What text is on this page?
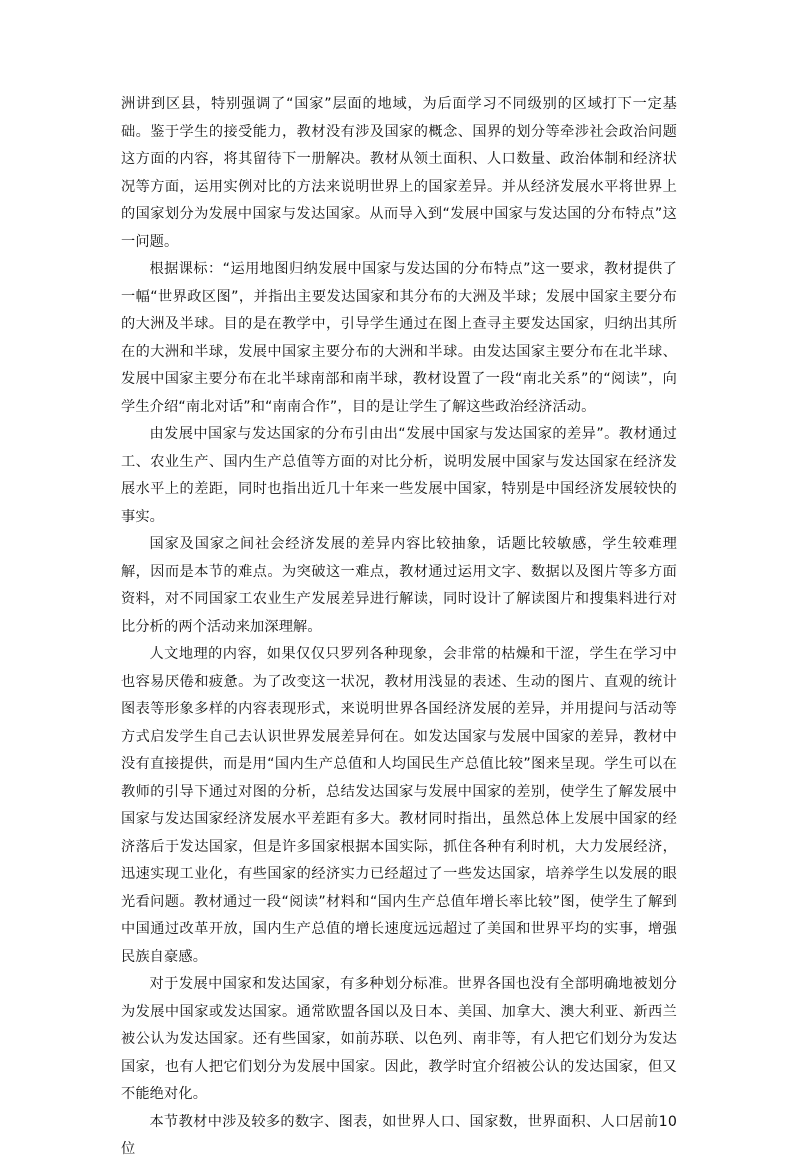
洲讲到区县，特别强调了“国家”层面的地域，为后面学习不同级别的区域打下一定基础。鉴于学生的接受能力，教材没有涉及国家的概念、国界的划分等牵涉社会政治问题这方面的内容，将其留待下一册解决。教材从领土面积、人口数量、政治体制和经济状况等方面，运用实例对比的方法来说明世界上的国家差异。并从经济发展水平将世界上的国家划分为发展中国家与发达国家。从而导入到“发展中国家与发达国的分布特点”这一问题。

根据课标：“运用地图归纳发展中国家与发达国的分布特点”这一要求，教材提供了一幅“世界政区图”，并指出主要发达国家和其分布的大洲及半球；发展中国家主要分布的大洲及半球。目的是在教学中，引导学生通过在图上查寻主要发达国家，归纳出其所在的大洲和半球，发展中国家主要分布的大洲和半球。由发达国家主要分布在北半球、发展中国家主要分布在北半球南部和南半球，教材设置了一段“南北关系”的“阅读”，向学生介绍“南北对话”和“南南合作”，目的是让学生了解这些政治经济活动。

由发展中国家与发达国家的分布引由出“发展中国家与发达国家的差异”。教材通过工、农业生产、国内生产总值等方面的对比分析，说明发展中国家与发达国家在经济发展水平上的差距，同时也指出近几十年来一些发展中国家，特别是中国经济发展较快的事实。

国家及国家之间社会经济发展的差异内容比较抽象，话题比较敏感，学生较难理解，因而是本节的难点。为突破这一难点，教材通过运用文字、数据以及图片等多方面资料，对不同国家工农业生产发展差异进行解读，同时设计了解读图片和搜集料进行对比分析的两个活动来加深理解。

人文地理的内容，如果仅仅只罗列各种现象，会非常的枯燥和干涩，学生在学习中也容易厌倦和疲惫。为了改变这一状况，教材用浅显的表述、生动的图片、直观的统计图表等形象多样的内容表现形式，来说明世界各国经济发展的差异，并用提问与活动等方式启发学生自己去认识世界发展差异何在。如发达国家与发展中国家的差异，教材中没有直接提供，而是用“国内生产总值和人均国民生产总值比较”图来呈现。学生可以在教师的引导下通过对图的分析，总结发达国家与发展中国家的差别，使学生了解发展中国家与发达国家经济发展水平差距有多大。教材同时指出，虽然总体上发展中国家的经济落后于发达国家，但是许多国家根据本国实际，抓住各种有利时机，大力发展经济，迅速实现工业化，有些国家的经济实力已经超过了一些发达国家，培养学生以发展的眼光看问题。教材通过一段“阅读”材料和“国内生产总值年增长率比较”图，使学生了解到中国通过改革开放，国内生产总值的增长速度远远超过了美国和世界平均的实事，增强民族自豪感。

对于发展中国家和发达国家，有多种划分标准。世界各国也没有全部明确地被划分为发展中国家或发达国家。通常欧盟各国以及日本、美国、加拿大、澳大利亚、新西兰被公认为发达国家。还有些国家，如前苏联、以色列、南非等，有人把它们划分为发达国家，也有人把它们划分为发展中国家。因此，教学时宜介绍被公认的发达国家，但又不能绝对化。

本节教材中涉及较多的数字、图表，如世界人口、国家数，世界面积、人口居前10位
